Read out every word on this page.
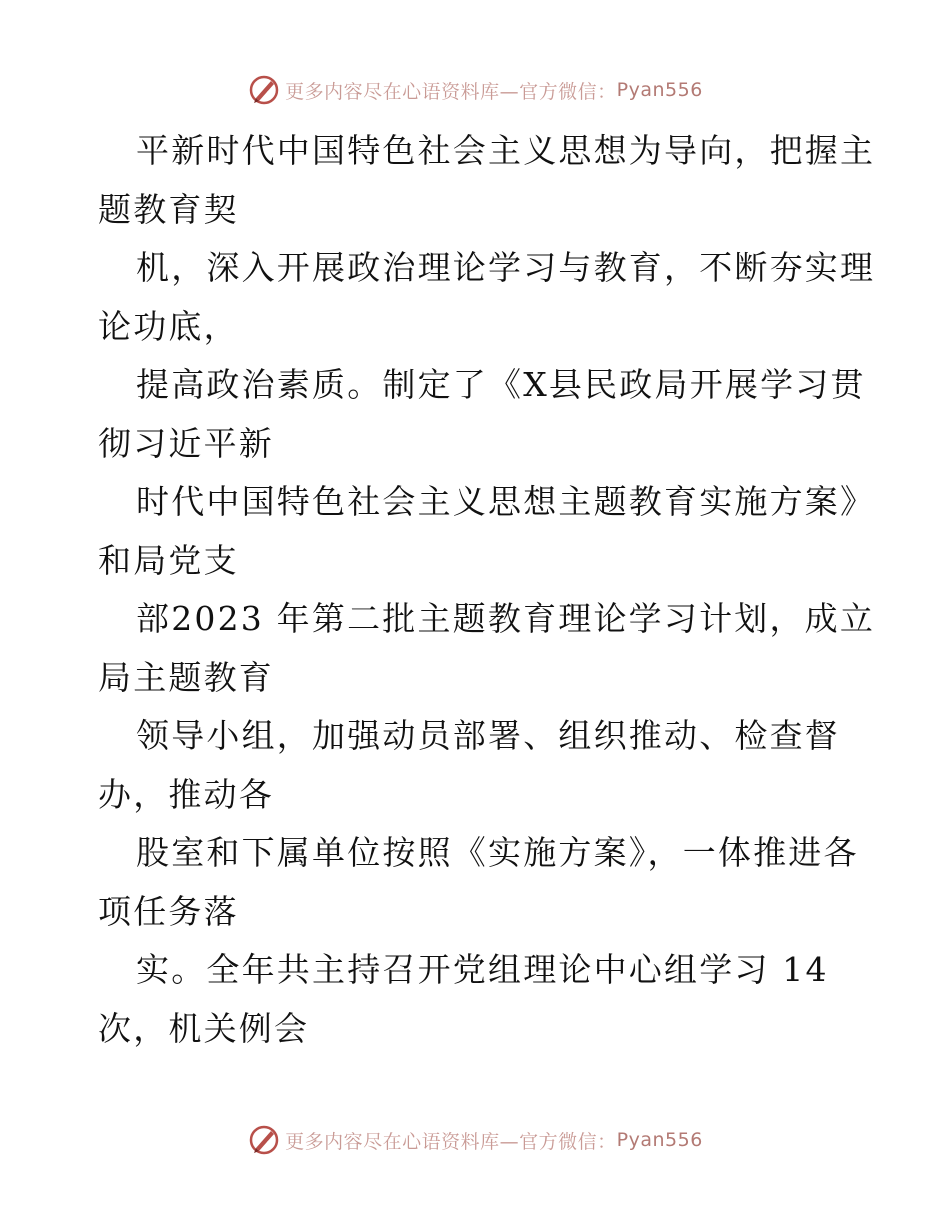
更多内容尽在心语资料库—官方微信： Pyan556
平新时代中国特色社会主义思想为导向，把握主
题教育契
机，深入开展政治理论学习与教育，不断夯实理
论功底，
提高政治素质。制定了《X县民政局开展学习贯
彻习近平新
时代中国特色社会主义思想主题教育实施方案》
和局党支
部2023 年第二批主题教育理论学习计划，成立
局主题教育
领导小组，加强动员部署、组织推动、检查督
办，推动各
股室和下属单位按照《实施方案》，一体推进各
项任务落
实。全年共主持召开党组理论中心组学习 14
次，机关例会
更多内容尽在心语资料库—官方微信： Pyan556
